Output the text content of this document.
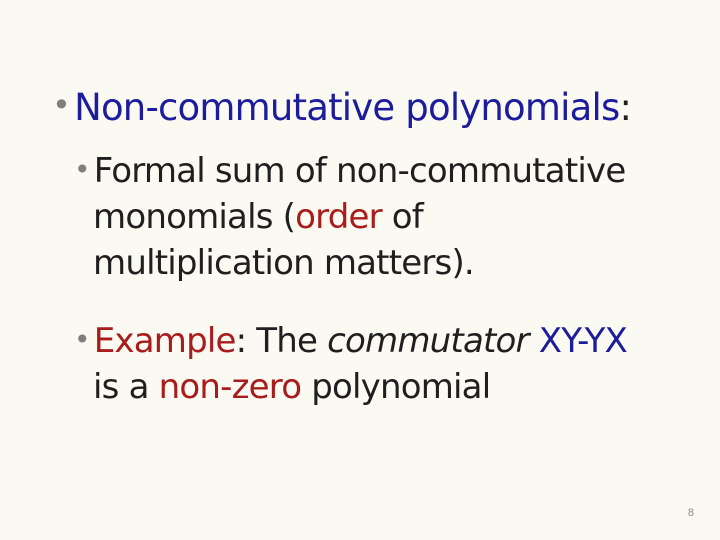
• Non-commutative polynomials:
• Formal sum of non-commutative
monomials (order of
multiplication matters).
• Example: The commutator XY-YX
is a non-zero polynomial
8
